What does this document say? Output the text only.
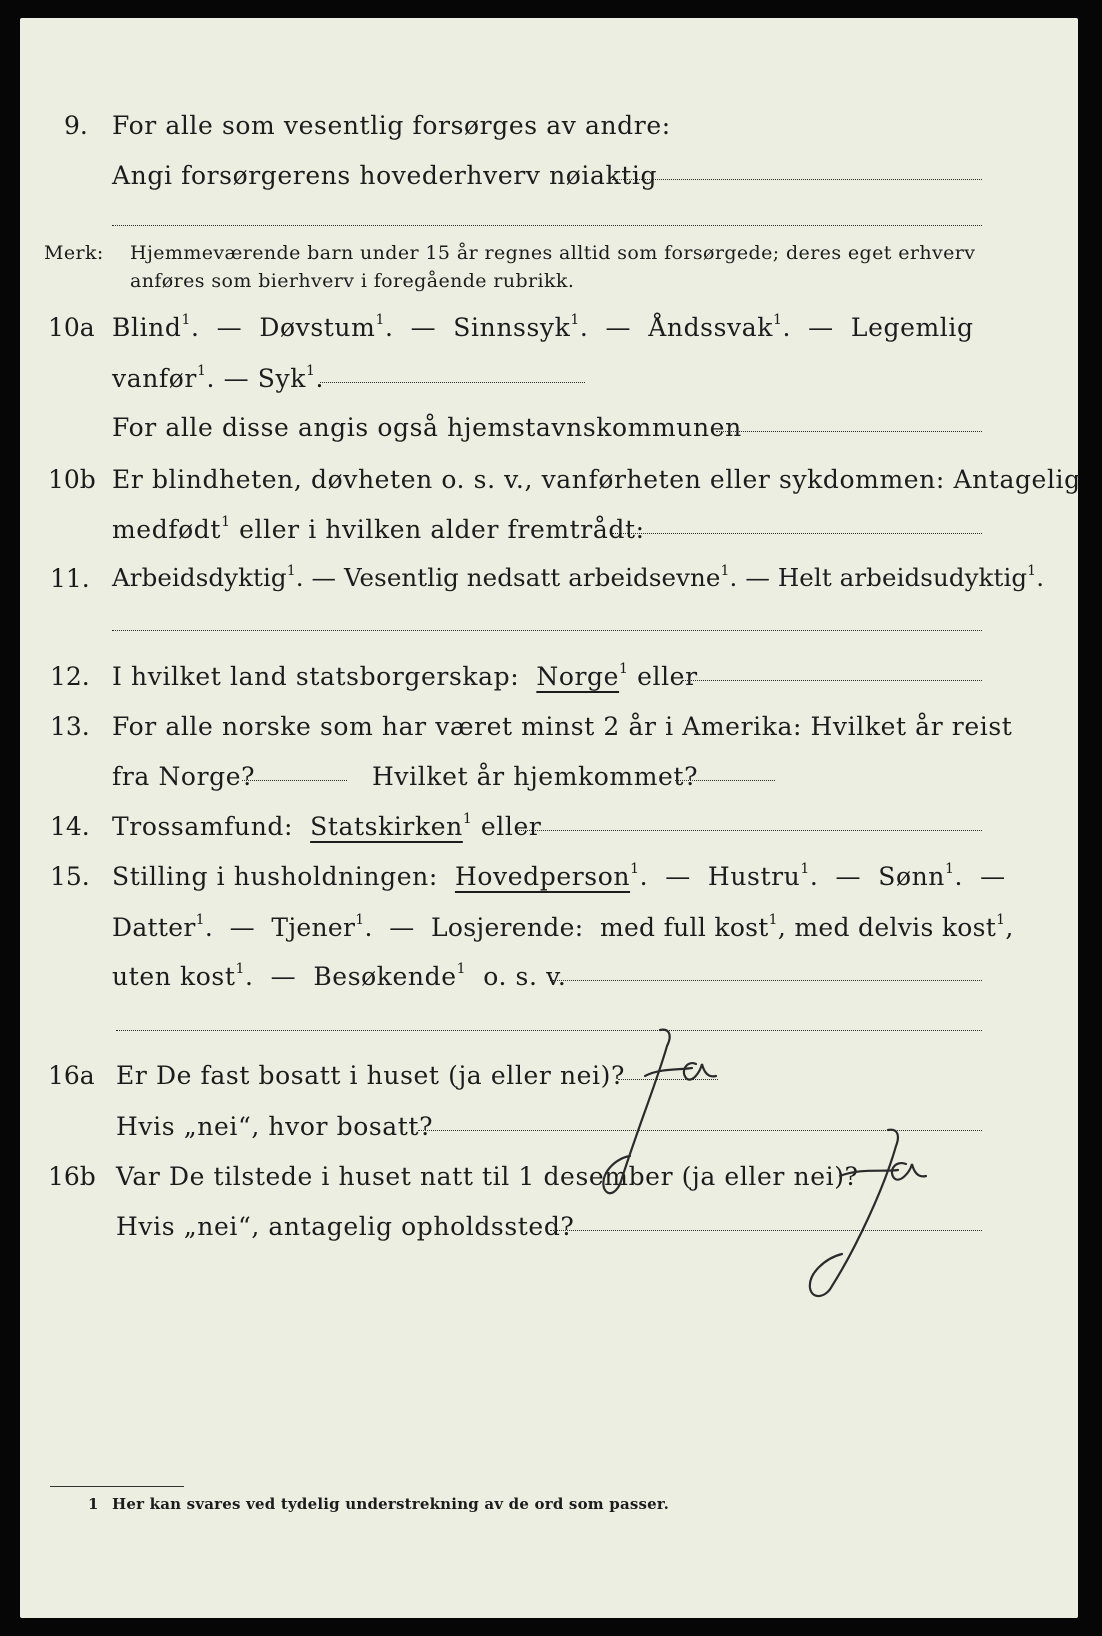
9. For alle som vesentlig forsørges av andre:
Angi forsørgerens hovederhverv nøiaktig
Merk: Hjemmeværende barn under 15 år regnes alltid som forsørgede; deres eget erhverv
anføres som bierhverv i foregående rubrikk.
10a Blind$^1$.  — Døvstum$^1$.  — Sinnssyk$^1$.  — Åndssvak$^1$.  — Legemlig
vanfør$^1$. — Syk$^1$.
For alle disse angis også hjemstavnskommunen
10b Er blindheten, døvheten o. s. v., vanførheten eller sykdommen: Antagelig
medfødt$^1$ eller i hvilken alder fremtrådt:
11. Arbeidsdyktig$^1$. — Vesentlig nedsatt arbeidsevne$^1$. — Helt arbeidsudyktig$^1$.
12. I hvilket land statsborgerskap: Norge$^1$ eller
13. For alle norske som har været minst 2 år i Amerika: Hvilket år reist
fra Norge?	Hvilket år hjemkommet?
14. Trossamfund: Statskirken$^1$ eller
15. Stilling i husholdningen: Hovedperson$^1$.  — Hustru$^1$.  — Sønn$^1$.  —
Datter$^1$.  — Tjener$^1$.  — Losjerende: med full kost$^1$, med delvis kost$^1$,
uten kost$^1$.  — Besøkende$^1$ o. s. v.
16a Er De fast bosatt i huset (ja eller nei)?
Hvis „nei“, hvor bosatt?
16b Var De tilstede i huset natt til 1 desember (ja eller nei)?
Hvis „nei“, antagelig opholdssted?
1 Her kan svares ved tydelig understrekning av de ord som passer.
